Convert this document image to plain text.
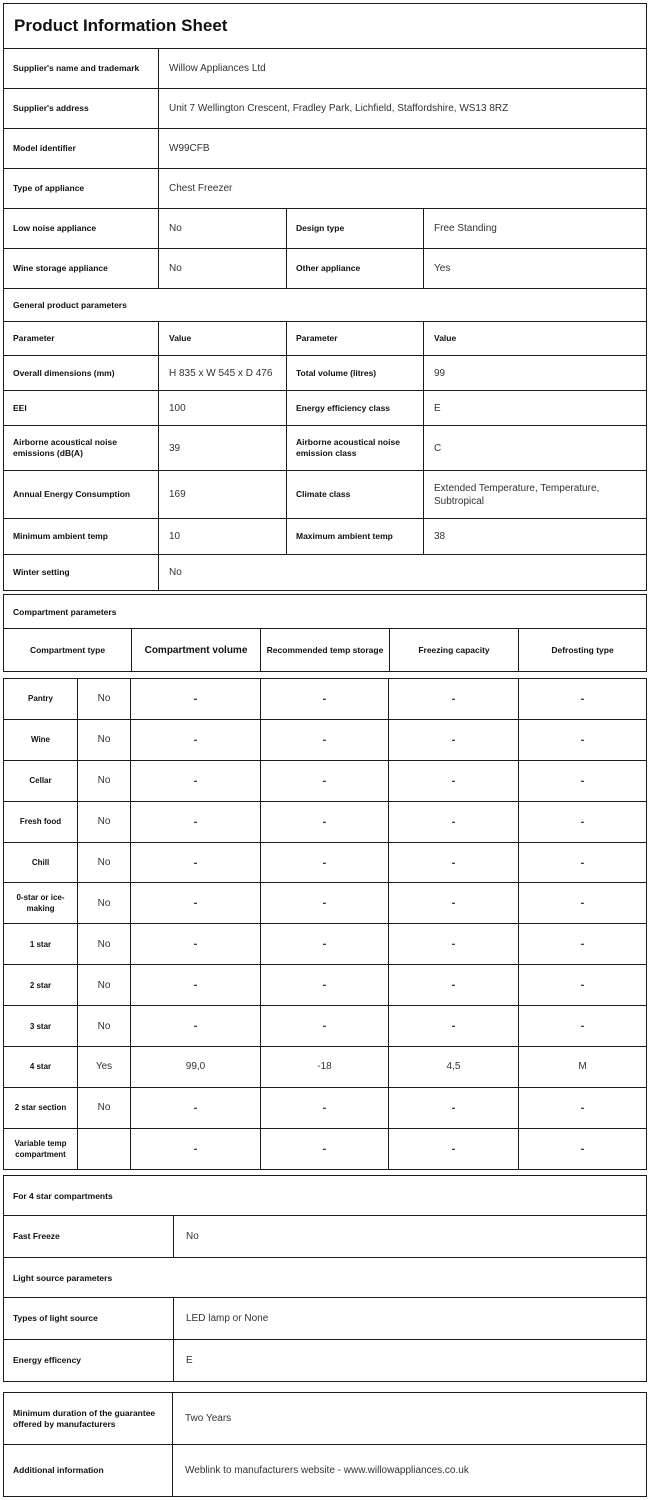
Product Information Sheet			
Supplier's name and trademark	Willow Appliances Ltd		
Supplier's address	Unit 7 Wellington Crescent, Fradley Park, Lichfield, Staffordshire, WS13 8RZ		
Model identifier	W99CFB		
Type of appliance	Chest Freezer		
Low noise appliance	No	Design type	Free Standing
Wine storage appliance	No	Other appliance	Yes
General product parameters			
Parameter	Value	Parameter	Value
Overall dimensions (mm)	H 835 x W 545 x D 476	Total volume (litres)	99
EEI	100	Energy efficiency class	E
Airborne acoustical noise emissions (dB(A)	39	Airborne acoustical noise emission class	C
Annual Energy Consumption	169	Climate class	Extended Temperature, Temperature, Subtropical
Minimum ambient temp	10	Maximum ambient temp	38
Winter setting	No		
Compartment parameters
Compartment type	Compartment volume	Recommended temp storage	Freezing capacity	Defrosting type
Pantry	No	-	-	-	-
Wine	No	-	-	-	-
Cellar	No	-	-	-	-
Fresh food	No	-	-	-	-
Chill	No	-	-	-	-
0-star or ice-making	No	-	-	-	-
1 star	No	-	-	-	-
2 star	No	-	-	-	-
3 star	No	-	-	-	-
4 star	Yes	99,0	-18	4,5	M
2 star section	No	-	-	-	-
Variable temp compartment		-	-	-	-
For 4 star compartments	
Fast Freeze	No
Light source parameters	
Types of light source	LED lamp or None
Energy efficency	E
Minimum duration of the guarantee offered by manufacturers	Two Years
Additional information	Weblink to manufacturers website - www.willowappliances.co.uk
